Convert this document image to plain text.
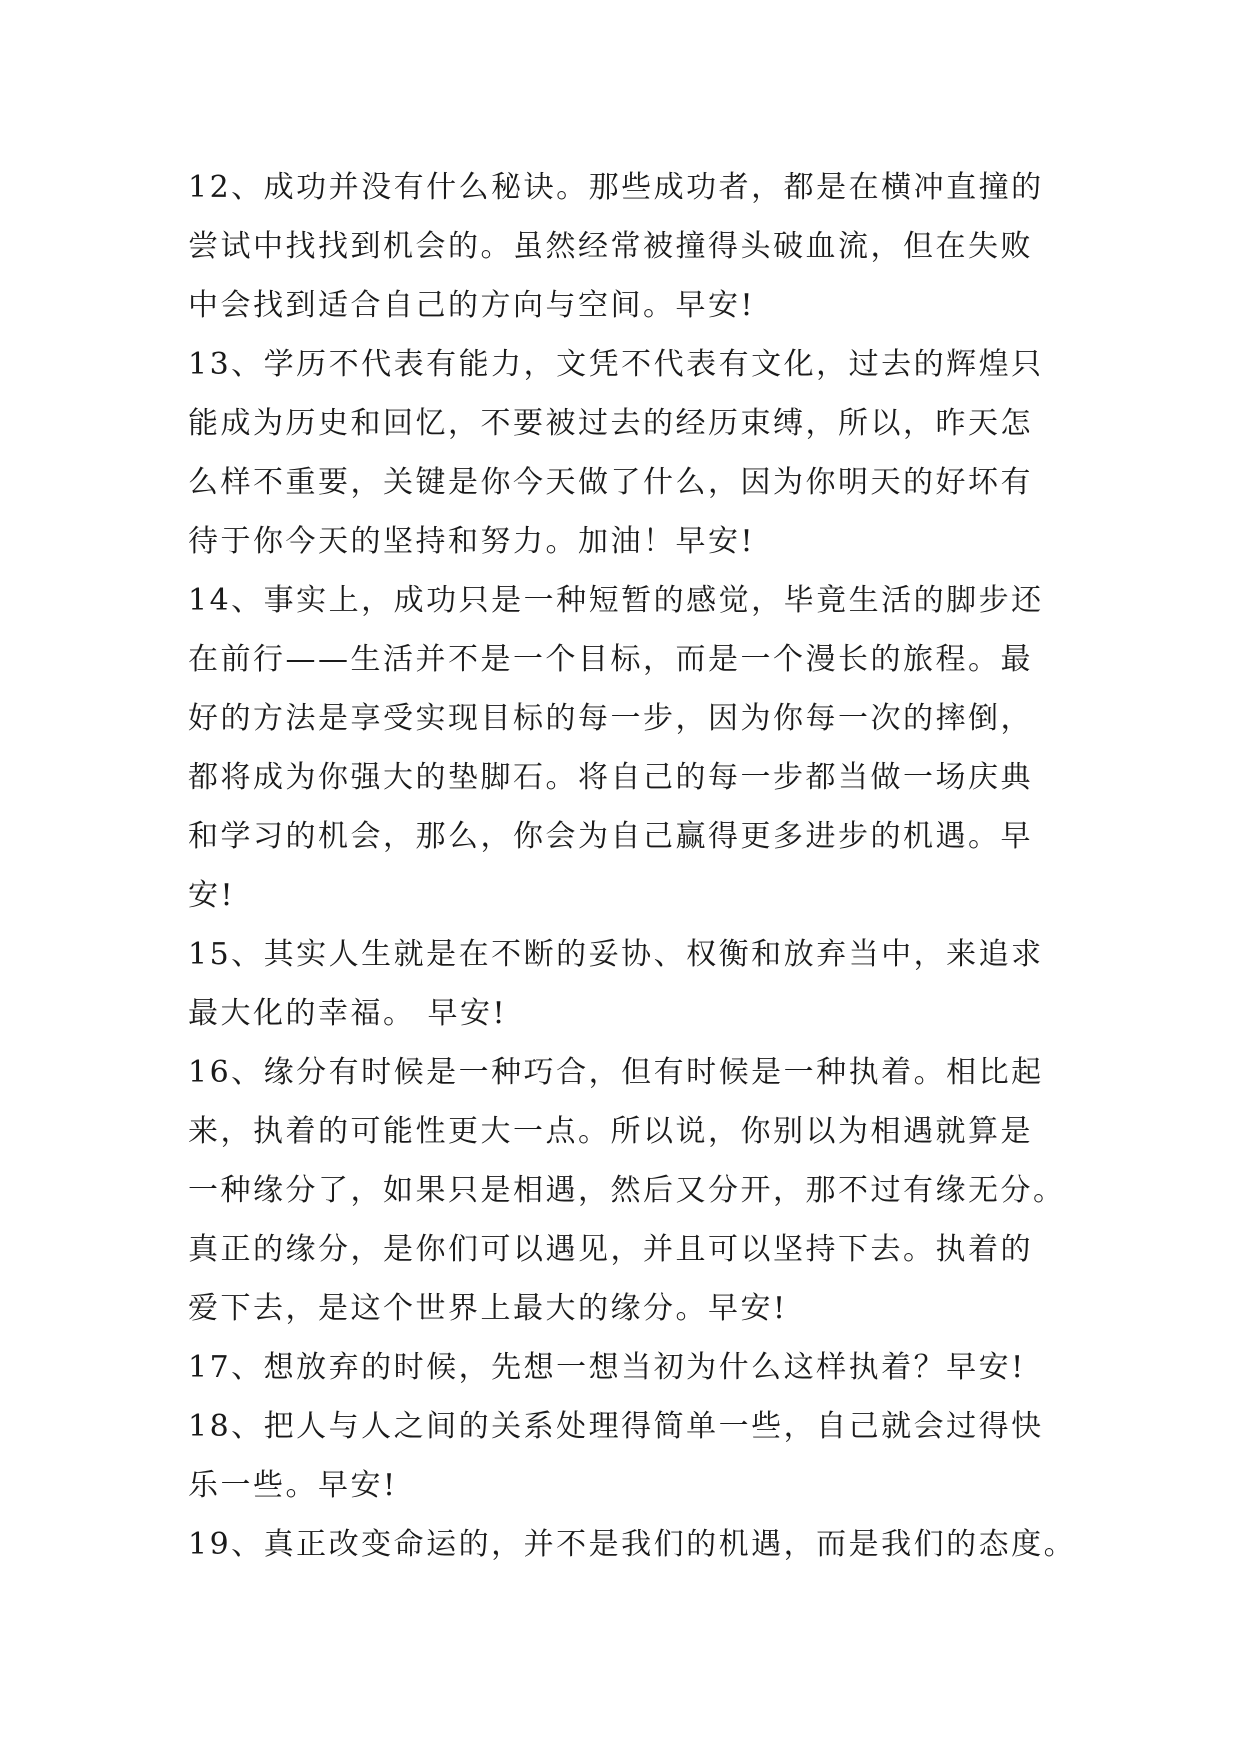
12、成功并没有什么秘诀。那些成功者，都是在横冲直撞的
尝试中找找到机会的。虽然经常被撞得头破血流，但在失败
中会找到适合自己的方向与空间。早安!
13、学历不代表有能力，文凭不代表有文化，过去的辉煌只
能成为历史和回忆，不要被过去的经历束缚，所以，昨天怎
么样不重要，关键是你今天做了什么，因为你明天的好坏有
待于你今天的坚持和努力。加油！早安!
14、事实上，成功只是一种短暂的感觉，毕竟生活的脚步还
在前行——生活并不是一个目标，而是一个漫长的旅程。最
好的方法是享受实现目标的每一步，因为你每一次的摔倒，
都将成为你强大的垫脚石。将自己的每一步都当做一场庆典
和学习的机会，那么，你会为自己赢得更多进步的机遇。早
安!
15、其实人生就是在不断的妥协、权衡和放弃当中，来追求
最大化的幸福。 早安!
16、缘分有时候是一种巧合，但有时候是一种执着。相比起
来，执着的可能性更大一点。所以说，你别以为相遇就算是
一种缘分了，如果只是相遇，然后又分开，那不过有缘无分。
真正的缘分，是你们可以遇见，并且可以坚持下去。执着的
爱下去，是这个世界上最大的缘分。早安!
17、想放弃的时候，先想一想当初为什么这样执着？早安!
18、把人与人之间的关系处理得简单一些，自己就会过得快
乐一些。早安!
19、真正改变命运的，并不是我们的机遇，而是我们的态度。
